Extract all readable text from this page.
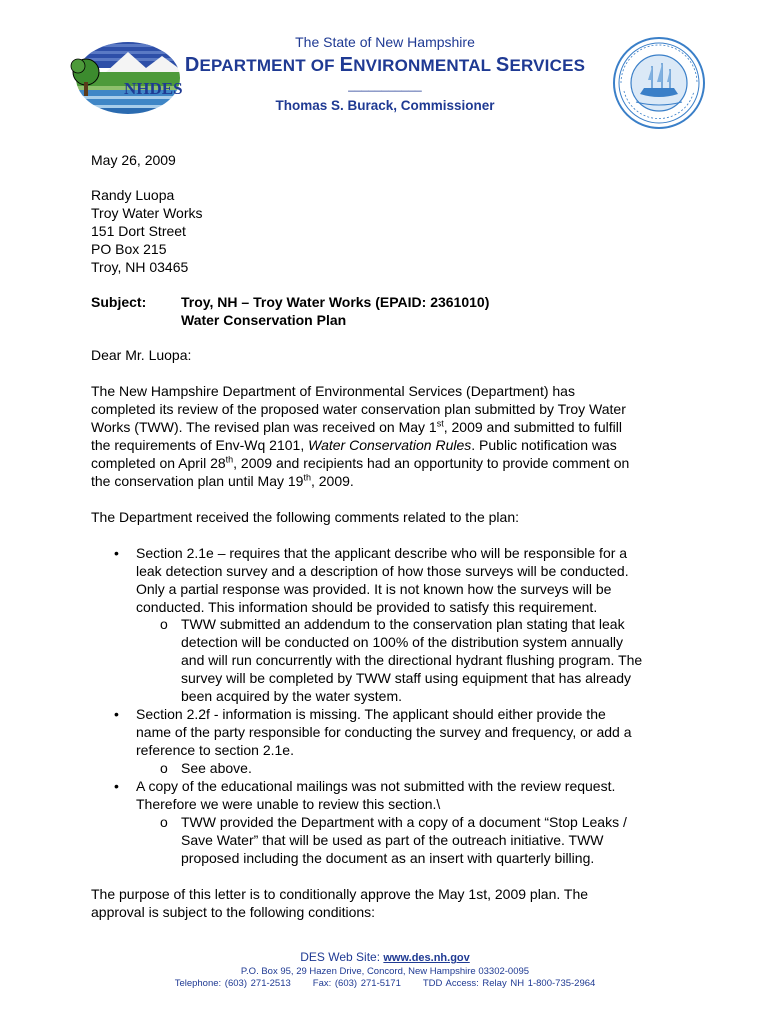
NHDES
The State of New Hampshire
DEPARTMENT OF ENVIRONMENTAL SERVICES
___________
Thomas S. Burack, Commissioner
May 26, 2009
Randy Luopa
Troy Water Works
151 Dort Street
PO Box 215
Troy, NH 03465
Subject: Troy, NH – Troy Water Works (EPAID: 2361010)
Water Conservation Plan
Dear Mr. Luopa:
The New Hampshire Department of Environmental Services (Department) has
completed its review of the proposed water conservation plan submitted by Troy Water
Works (TWW). The revised plan was received on May 1st, 2009 and submitted to fulfill
the requirements of Env-Wq 2101, Water Conservation Rules. Public notification was
completed on April 28th, 2009 and recipients had an opportunity to provide comment on
the conservation plan until May 19th, 2009.
The Department received the following comments related to the plan:
• Section 2.1e – requires that the applicant describe who will be responsible for a
leak detection survey and a description of how those surveys will be conducted.
Only a partial response was provided. It is not known how the surveys will be
conducted. This information should be provided to satisfy this requirement.
o TWW submitted an addendum to the conservation plan stating that leak
detection will be conducted on 100% of the distribution system annually
and will run concurrently with the directional hydrant flushing program. The
survey will be completed by TWW staff using equipment that has already
been acquired by the water system.
• Section 2.2f - information is missing. The applicant should either provide the
name of the party responsible for conducting the survey and frequency, or add a
reference to section 2.1e.
o See above.
• A copy of the educational mailings was not submitted with the review request.
Therefore we were unable to review this section.\
o TWW provided the Department with a copy of a document “Stop Leaks /
Save Water” that will be used as part of the outreach initiative. TWW
proposed including the document as an insert with quarterly billing.
The purpose of this letter is to conditionally approve the May 1st, 2009 plan. The
approval is subject to the following conditions:
DES Web Site: www.des.nh.gov
P.O. Box 95, 29 Hazen Drive, Concord, New Hampshire 03302-0095
Telephone: (603) 271-2513 Fax: (603) 271-5171 TDD Access: Relay NH 1-800-735-2964
